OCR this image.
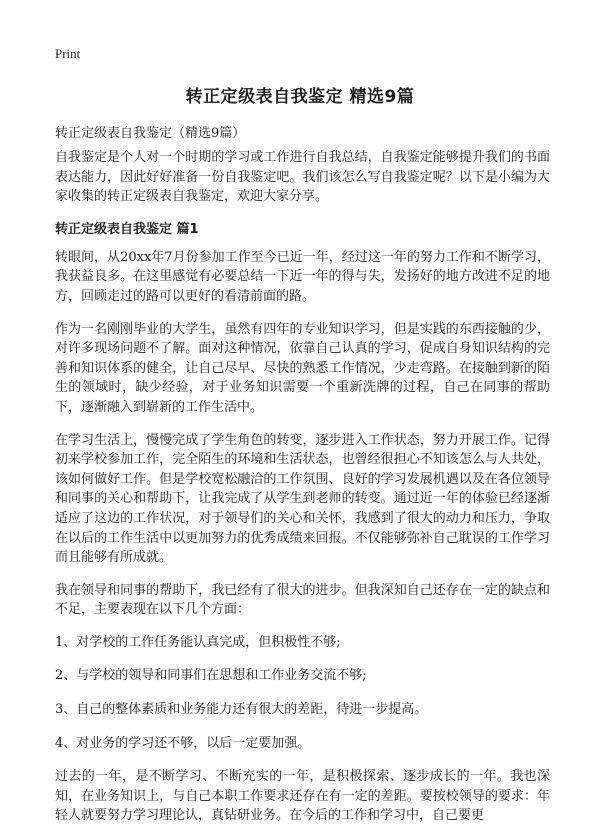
Print
转正定级表自我鉴定 精选9篇
转正定级表自我鉴定（精选9篇）

自我鉴定是个人对一个时期的学习或工作进行自我总结，自我鉴定能够提升我们的书面表达能力，因此好好准备一份自我鉴定吧。我们该怎么写自我鉴定呢？以下是小编为大家收集的转正定级表自我鉴定，欢迎大家分享。

转正定级表自我鉴定 篇1

转眼间，从20xx年7月份参加工作至今已近一年，经过这一年的努力工作和不断学习，我获益良多。在这里感觉有必要总结一下近一年的得与失，发扬好的地方改进不足的地方，回顾走过的路可以更好的看清前面的路。

作为一名刚刚毕业的大学生，虽然有四年的专业知识学习，但是实践的东西接触的少，对许多现场问题不了解。面对这种情况，依靠自己认真的学习，促成自身知识结构的完善和知识体系的健全，让自己尽早、尽快的熟悉工作情况，少走弯路。在接触到新的陌生的领域时，缺少经验，对于业务知识需要一个重新洗牌的过程，自己在同事的帮助下，逐渐融入到崭新的工作生活中。

在学习生活上，慢慢完成了学生角色的转变，逐步进入工作状态，努力开展工作。记得初来学校参加工作，完全陌生的环境和生活状态，也曾经很担心不知该怎么与人共处，该如何做好工作。但是学校宽松融洽的工作氛围、良好的学习发展机遇以及在各位领导和同事的关心和帮助下，让我完成了从学生到老师的转变。通过近一年的体验已经逐渐适应了这边的工作状况，对于领导们的关心和关怀，我感到了很大的动力和压力，争取在以后的工作生活中以更加努力的优秀成绩来回报。不仅能够弥补自己耽误的工作学习而且能够有所成就。

我在领导和同事的帮助下，我已经有了很大的进步。但我深知自己还存在一定的缺点和不足，主要表现在以下几个方面：

1、对学校的工作任务能认真完成，但积极性不够;

2、与学校的领导和同事们在思想和工作业务交流不够;

3、自己的整体素质和业务能力还有很大的差距，待进一步提高。

4、对业务的学习还不够，以后一定要加强。

过去的一年，是不断学习、不断充实的一年，是积极探索、逐步成长的一年。我也深知，在业务知识上，与自己本职工作要求还存在有一定的差距。要按校领导的要求：年轻人就要努力学习理论认，真钻研业务。在今后的工作和学习中，自己要更
